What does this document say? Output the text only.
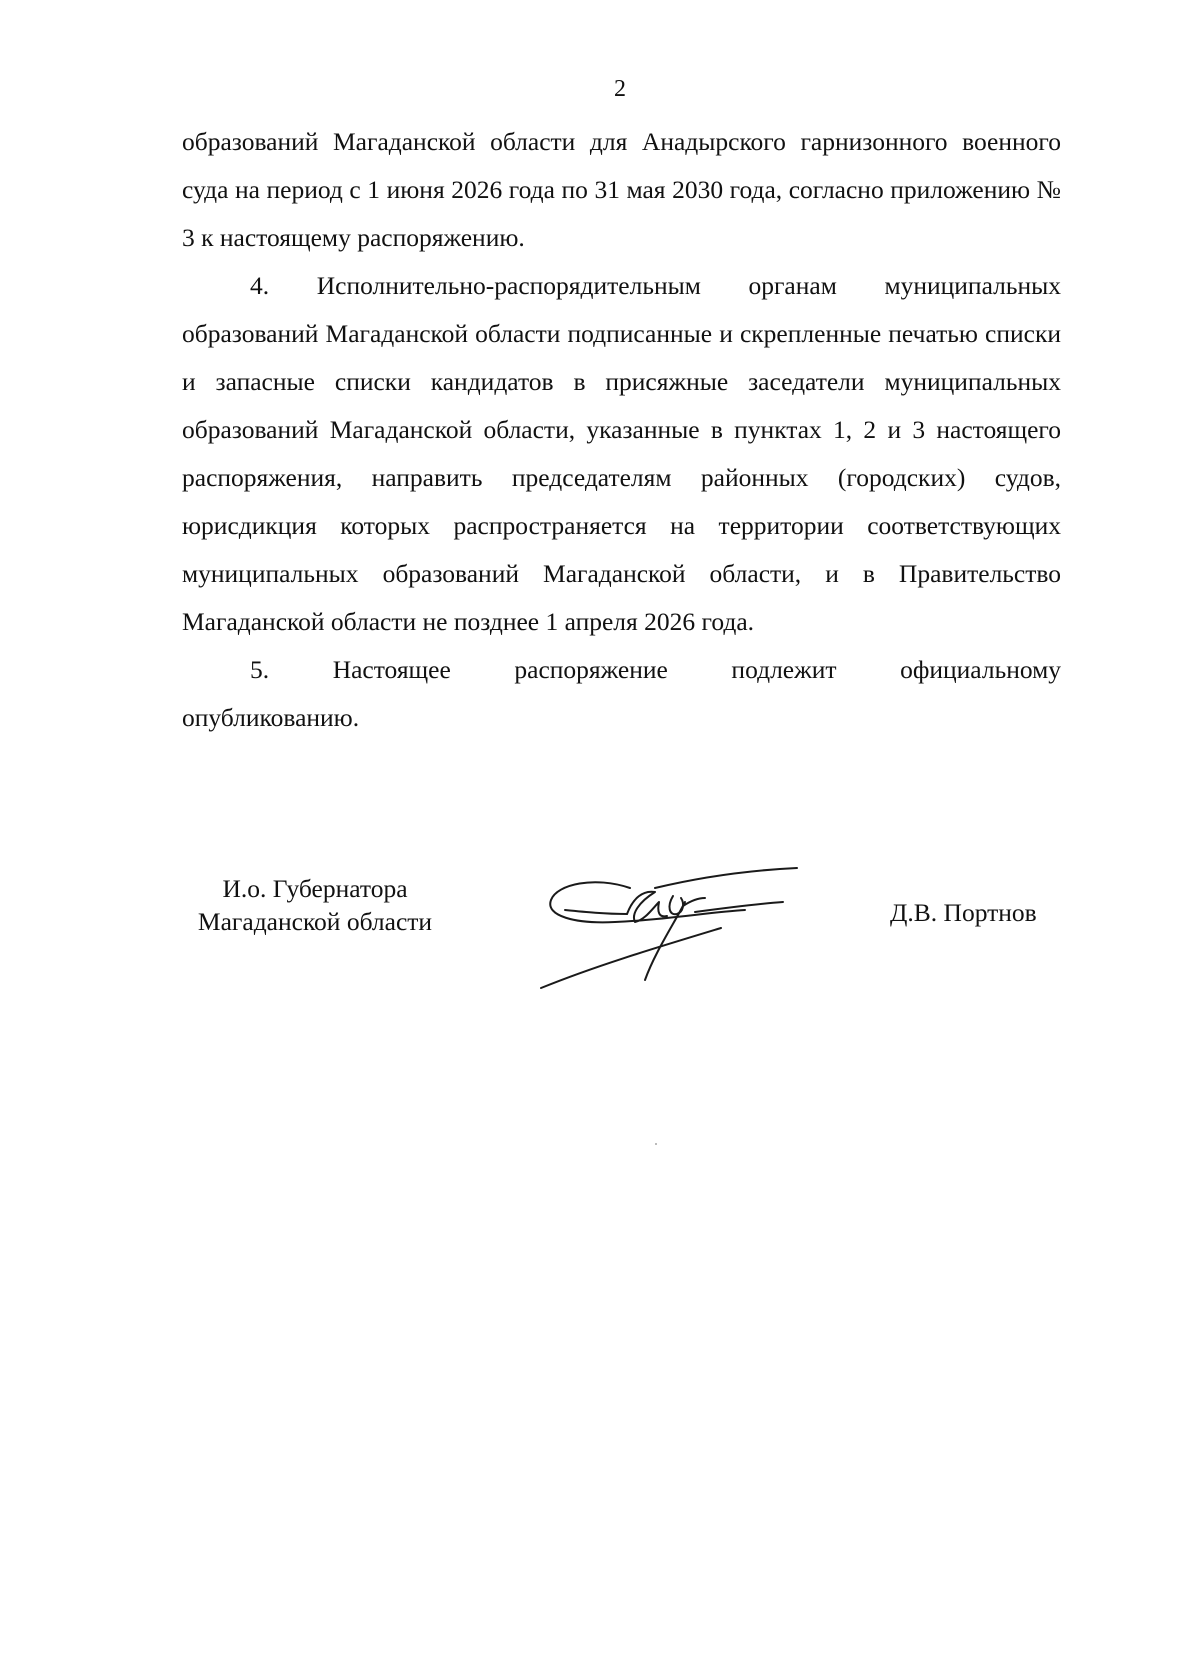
2

образований Магаданской области для Анадырского гарнизонного военного суда на период с 1 июня 2026 года по 31 мая 2030 года, согласно приложению № 3 к настоящему распоряжению.

4. Исполнительно-распорядительным органам муниципальных образований Магаданской области подписанные и скрепленные печатью списки и запасные списки кандидатов в присяжные заседатели муниципальных образований Магаданской области, указанные в пунктах 1, 2 и 3 настоящего распоряжения, направить председателям районных (городских) судов, юрисдикция которых распространяется на территории соответствующих муниципальных образований Магаданской области, и в Правительство Магаданской области не позднее 1 апреля 2026 года.

5. Настоящее распоряжение подлежит официальному
опубликованию.

И.о. Губернатора
Магаданской области	Д.В. Портнов
